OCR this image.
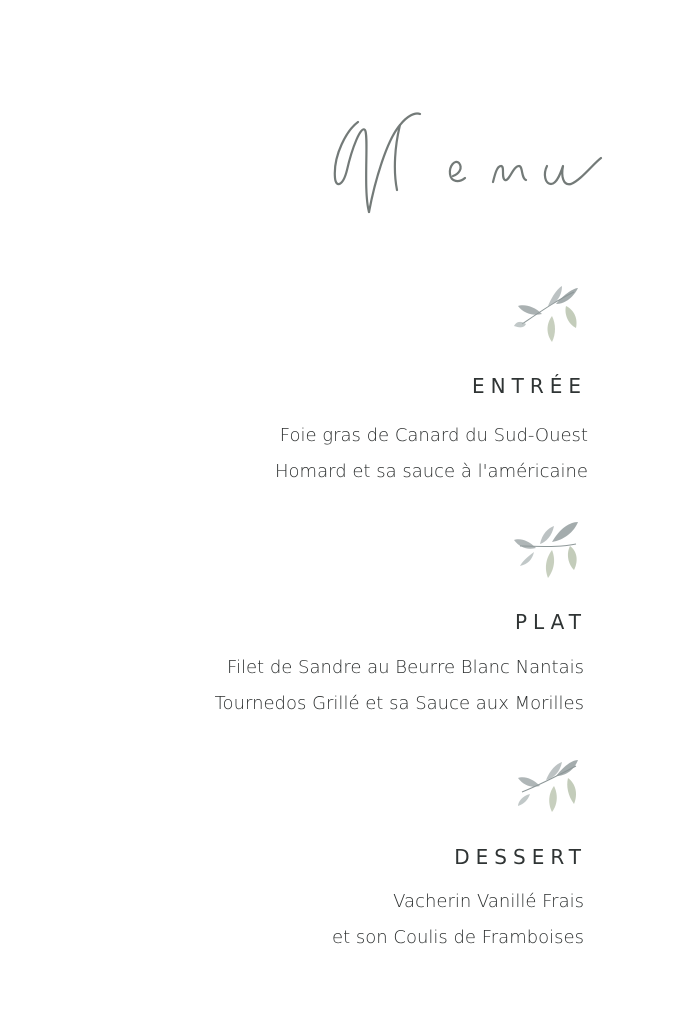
Menu
ENTRÉE
Foie gras de Canard du Sud-Ouest
Homard et sa sauce à l'américaine
PLAT
Filet de Sandre au Beurre Blanc Nantais
Tournedos Grillé et sa Sauce aux Morilles
DESSERT
Vacherin Vanillé Frais
et son Coulis de Framboises
